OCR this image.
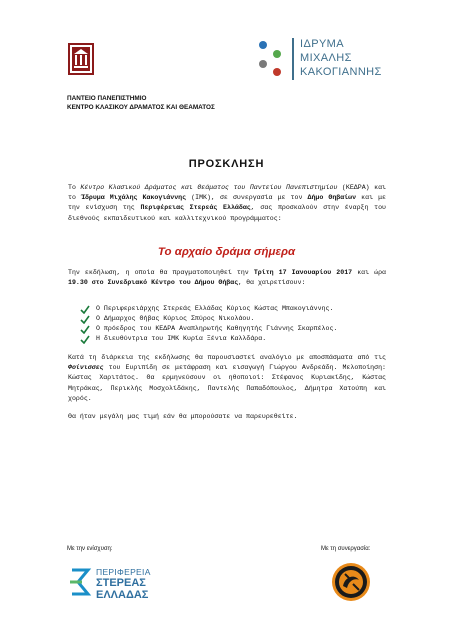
ΠΑΝΤΕΙΟ ΠΑΝΕΠΙΣΤΗΜΙΟ
ΚΕΝΤΡΟ ΚΛΑΣΙΚΟΥ ΔΡΑΜΑΤΟΣ ΚΑΙ ΘΕΑΜΑΤΟΣ
ΙΔΡΥΜΑ
ΜΙΧΑΛΗΣ
ΚΑΚΟΓΙΑΝΝΗΣ
ΠΡΟΣΚΛΗΣΗ
Το Κέντρο Κλασικού Δράματος και Θεάματος του Παντείου Πανεπιστημίου (ΚΕΔΡΑ) και το Ίδρυμα Μιχάλης Κακογιάννης (ΙΜΚ), σε συνεργασία με τον Δήμο Θηβαίων και με την ενίσχυση της Περιφέρειας Στερεάς Ελλάδας, σας προσκαλούν στην έναρξη του διεθνούς εκπαιδευτικού και καλλιτεχνικού προγράμματος:
Το αρχαίο δράμα σήμερα
Την εκδήλωση, η οποία θα πραγματοποιηθεί την Τρίτη 17 Ιανουαρίου 2017 και ώρα 19.30 στο Συνεδριακό Κέντρο του Δήμου Θήβας, θα χαιρετίσουν:
Ο Περιφερειάρχης Στερεάς Ελλάδας Κύριος Κώστας Μπακογιάννης.
Ο Δήμαρχος Θήβας Κύριος Σπύρος Νικολάου.
Ο πρόεδρος του ΚΕΔΡΑ Αναπληρωτής Καθηγητής Γιάννης Σκαρπέλος.
Η διευθύντρια του ΙΜΚ Κυρία Ξένια Καλλδάρα.
Κατά τη διάρκεια της εκδήλωσης θα παρουσιαστεί αναλόγιο με αποσπάσματα από τις Φοίνισσες του Ευριπίδη σε μετάφραση και εισαγωγή Γιώργου Ανδρεάδη. Μελοποίηση: Κώστας Χαριτάτος. Θα ερμηνεύσουν οι ηθοποιοί: Στέφανος Κυριακίδης, Κώστας Μητράκας, Περικλής Μοσχολίδάκης, Παντελής Παπαδόπουλος, Δήμητρα Χατούπη και χορός.
Θα ήταν μεγάλη μας τιμή εάν θα μπορούσατε να παρευρεθείτε.
Με την ενίσχυση:	Με τη συνεργασία:
ΠΕΡΙΦΕΡΕΙΑ
ΣΤΕΡΕΑΣ
ΕΛΛΑΔΑΣ
